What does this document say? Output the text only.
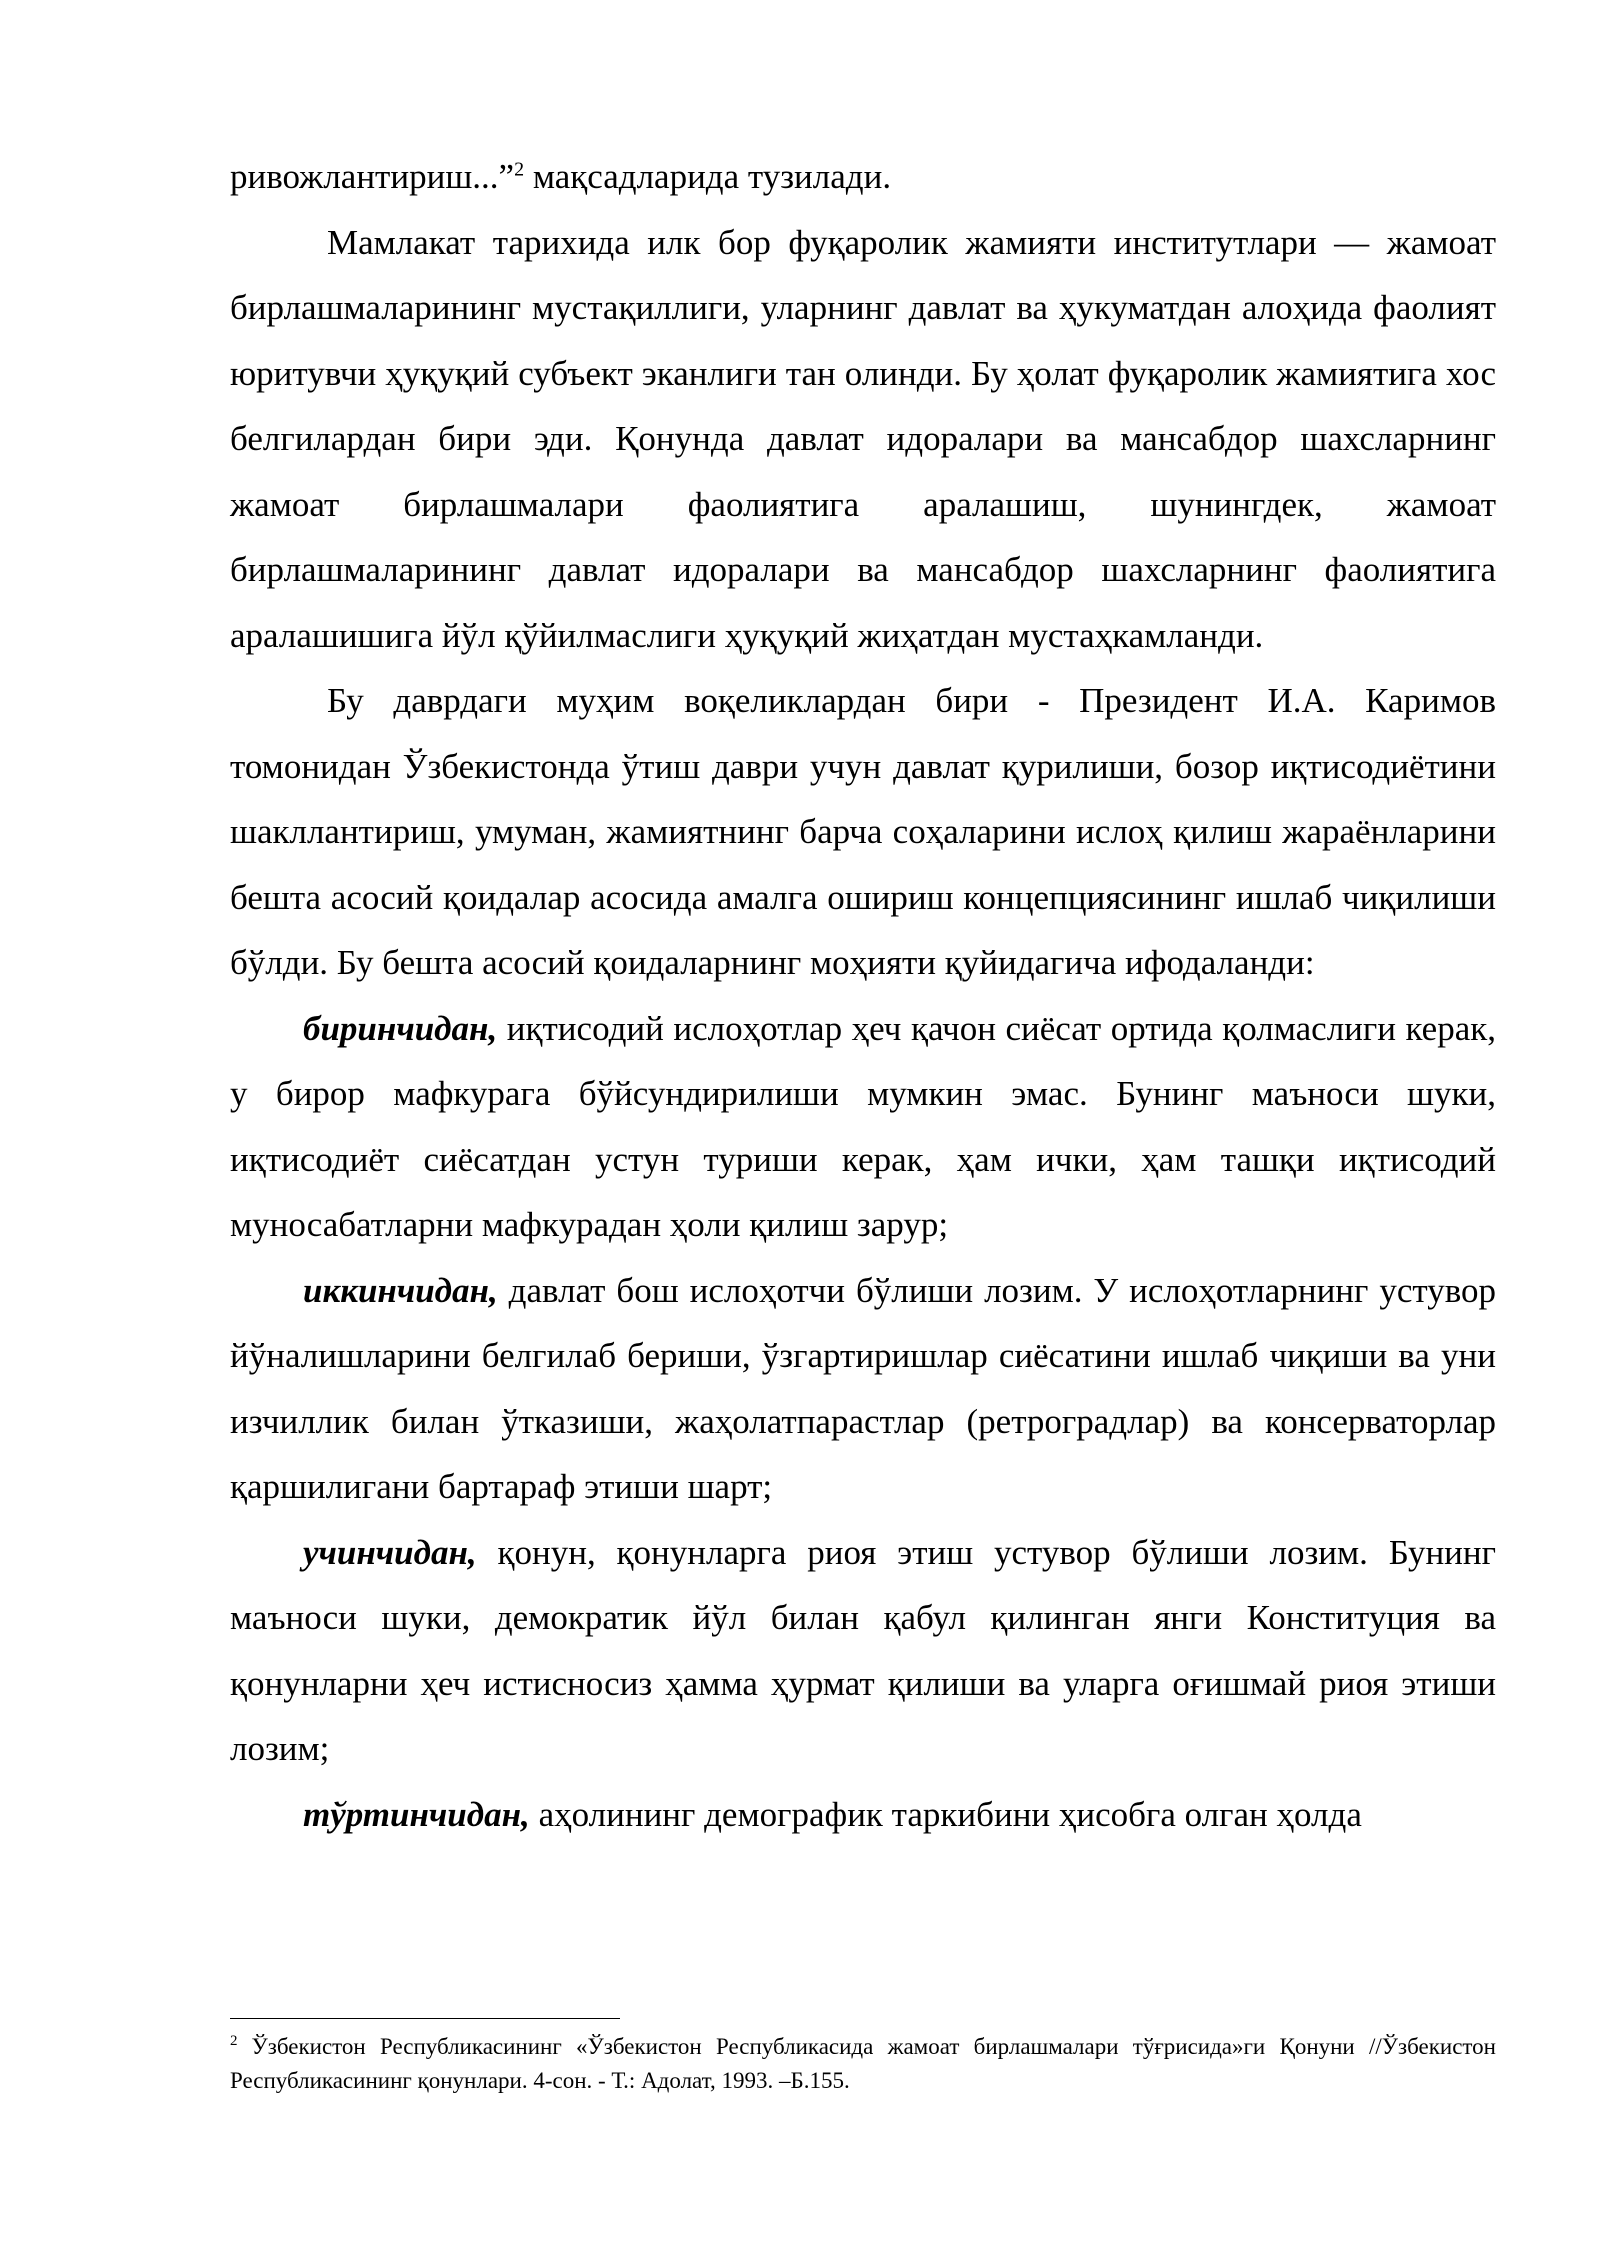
ривожлантириш...”$^2$ мақсадларида тузилади.

Мамлакат тарихида илк бор фуқаролик жамияти институтлари — жамоат бирлашмаларининг мустақиллиги, уларнинг давлат ва ҳукуматдан алоҳида фаолият юритувчи ҳуқуқий субъект эканлиги тан олинди. Бу ҳолат фуқаролик жамиятига хос белгилардан бири эди. Қонунда давлат идоралари ва мансабдор шахсларнинг жамоат бирлашмалари фаолиятига аралашиш, шунингдек, жамоат бирлашмаларининг давлат идоралари ва мансабдор шахсларнинг фаолиятига аралашишига йўл қўйилмаслиги ҳуқуқий жиҳатдан мустаҳкамланди.

Бу даврдаги муҳим воқеликлардан бири - Президент И.А. Каримов томонидан Ўзбекистонда ўтиш даври учун давлат қурилиши, бозор иқтисодиётини шакллантириш, умуман, жамиятнинг барча соҳаларини ислоҳ қилиш жараёнларини бешта асосий қоидалар асосида амалга ошириш концепциясининг ишлаб чиқилиши бўлди. Бу бешта асосий қоидаларнинг моҳияти қуйидагича ифодаланди:

биринчидан, иқтисодий ислоҳотлар ҳеч қачон сиёсат ортида қолмаслиги керак, у бирор мафкурага бўйсундирилиши мумкин эмас. Бунинг маъноси шуки, иқтисодиёт сиёсатдан устун туриши керак, ҳам ички, ҳам ташқи иқтисодий муносабатларни мафкурадан ҳоли қилиш зарур;

иккинчидан, давлат бош ислоҳотчи бўлиши лозим. У ислоҳотларнинг устувор йўналишларини белгилаб бериши, ўзгартиришлар сиёсатини ишлаб чиқиши ва уни изчиллик билан ўтказиши, жаҳолатпарастлар (ретроградлар) ва консерваторлар қаршилигани бартараф этиши шарт;

учинчидан, қонун, қонунларга риоя этиш устувор бўлиши лозим. Бунинг маъноси шуки, демократик йўл билан қабул қилинган янги Конституция ва қонунларни ҳеч истисносиз ҳамма ҳурмат қилиши ва уларга оғишмай риоя этиши лозим;

тўртинчидан, аҳолининг демографик таркибини ҳисобга олган ҳолда

$^2$ Ўзбекистон Республикасининг «Ўзбекистон Республикасида жамоат бирлашмалари тўғрисида»ги Қонуни //Ўзбекистон Республикасининг қонунлари. 4-сон. - Т.: Адолат, 1993. –Б.155.
